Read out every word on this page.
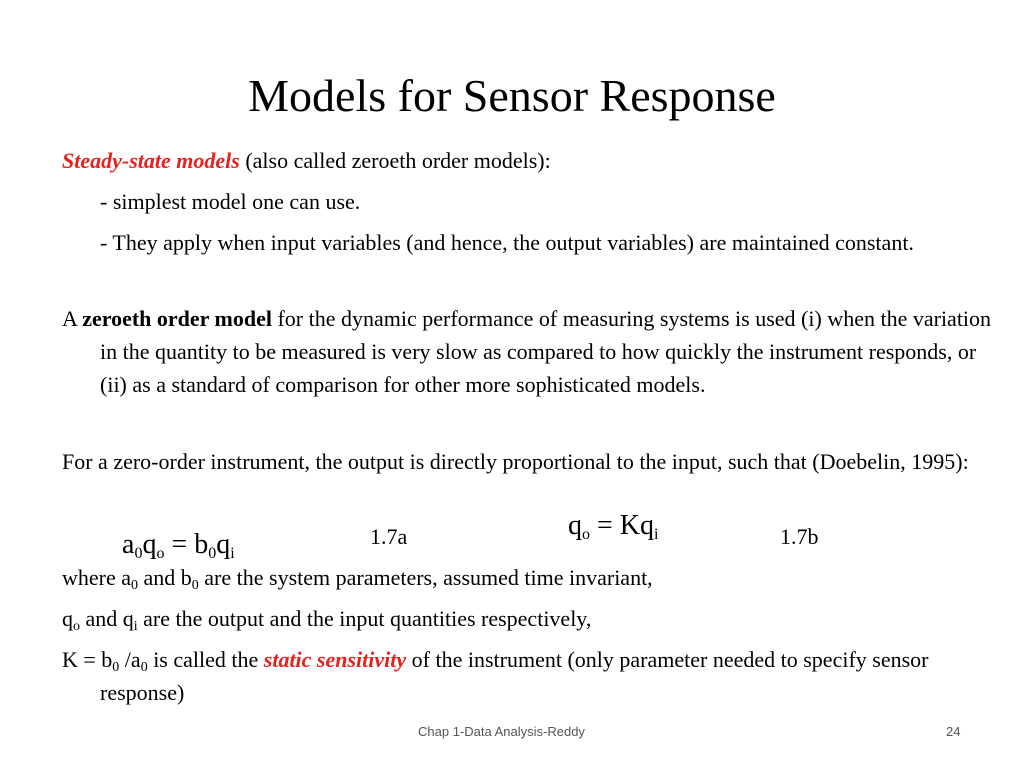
Models for Sensor Response
Steady-state models (also called zeroeth order models):
- simplest model one can use.
- They apply when input variables (and hence, the output variables) are maintained constant.
A zeroeth order model for the dynamic performance of measuring systems is used (i) when the variation in the quantity to be measured is very slow as compared to how quickly the instrument responds, or (ii) as a standard of comparison for other more sophisticated models.
For a zero-order instrument, the output is directly proportional to the input, such that (Doebelin, 1995):
$a_0q_o = b_0q_i$
1.7a	$q_o = Kq_i$	1.7b
where $a_0$ and $b_0$ are the system parameters, assumed time invariant,
$q_o$ and $q_i$ are the output and the input quantities respectively,
$K = b_0$ $/a_0$ is called the static sensitivity of the instrument (only parameter needed to specify sensor response)
Chap 1-Data Analysis-Reddy	24
